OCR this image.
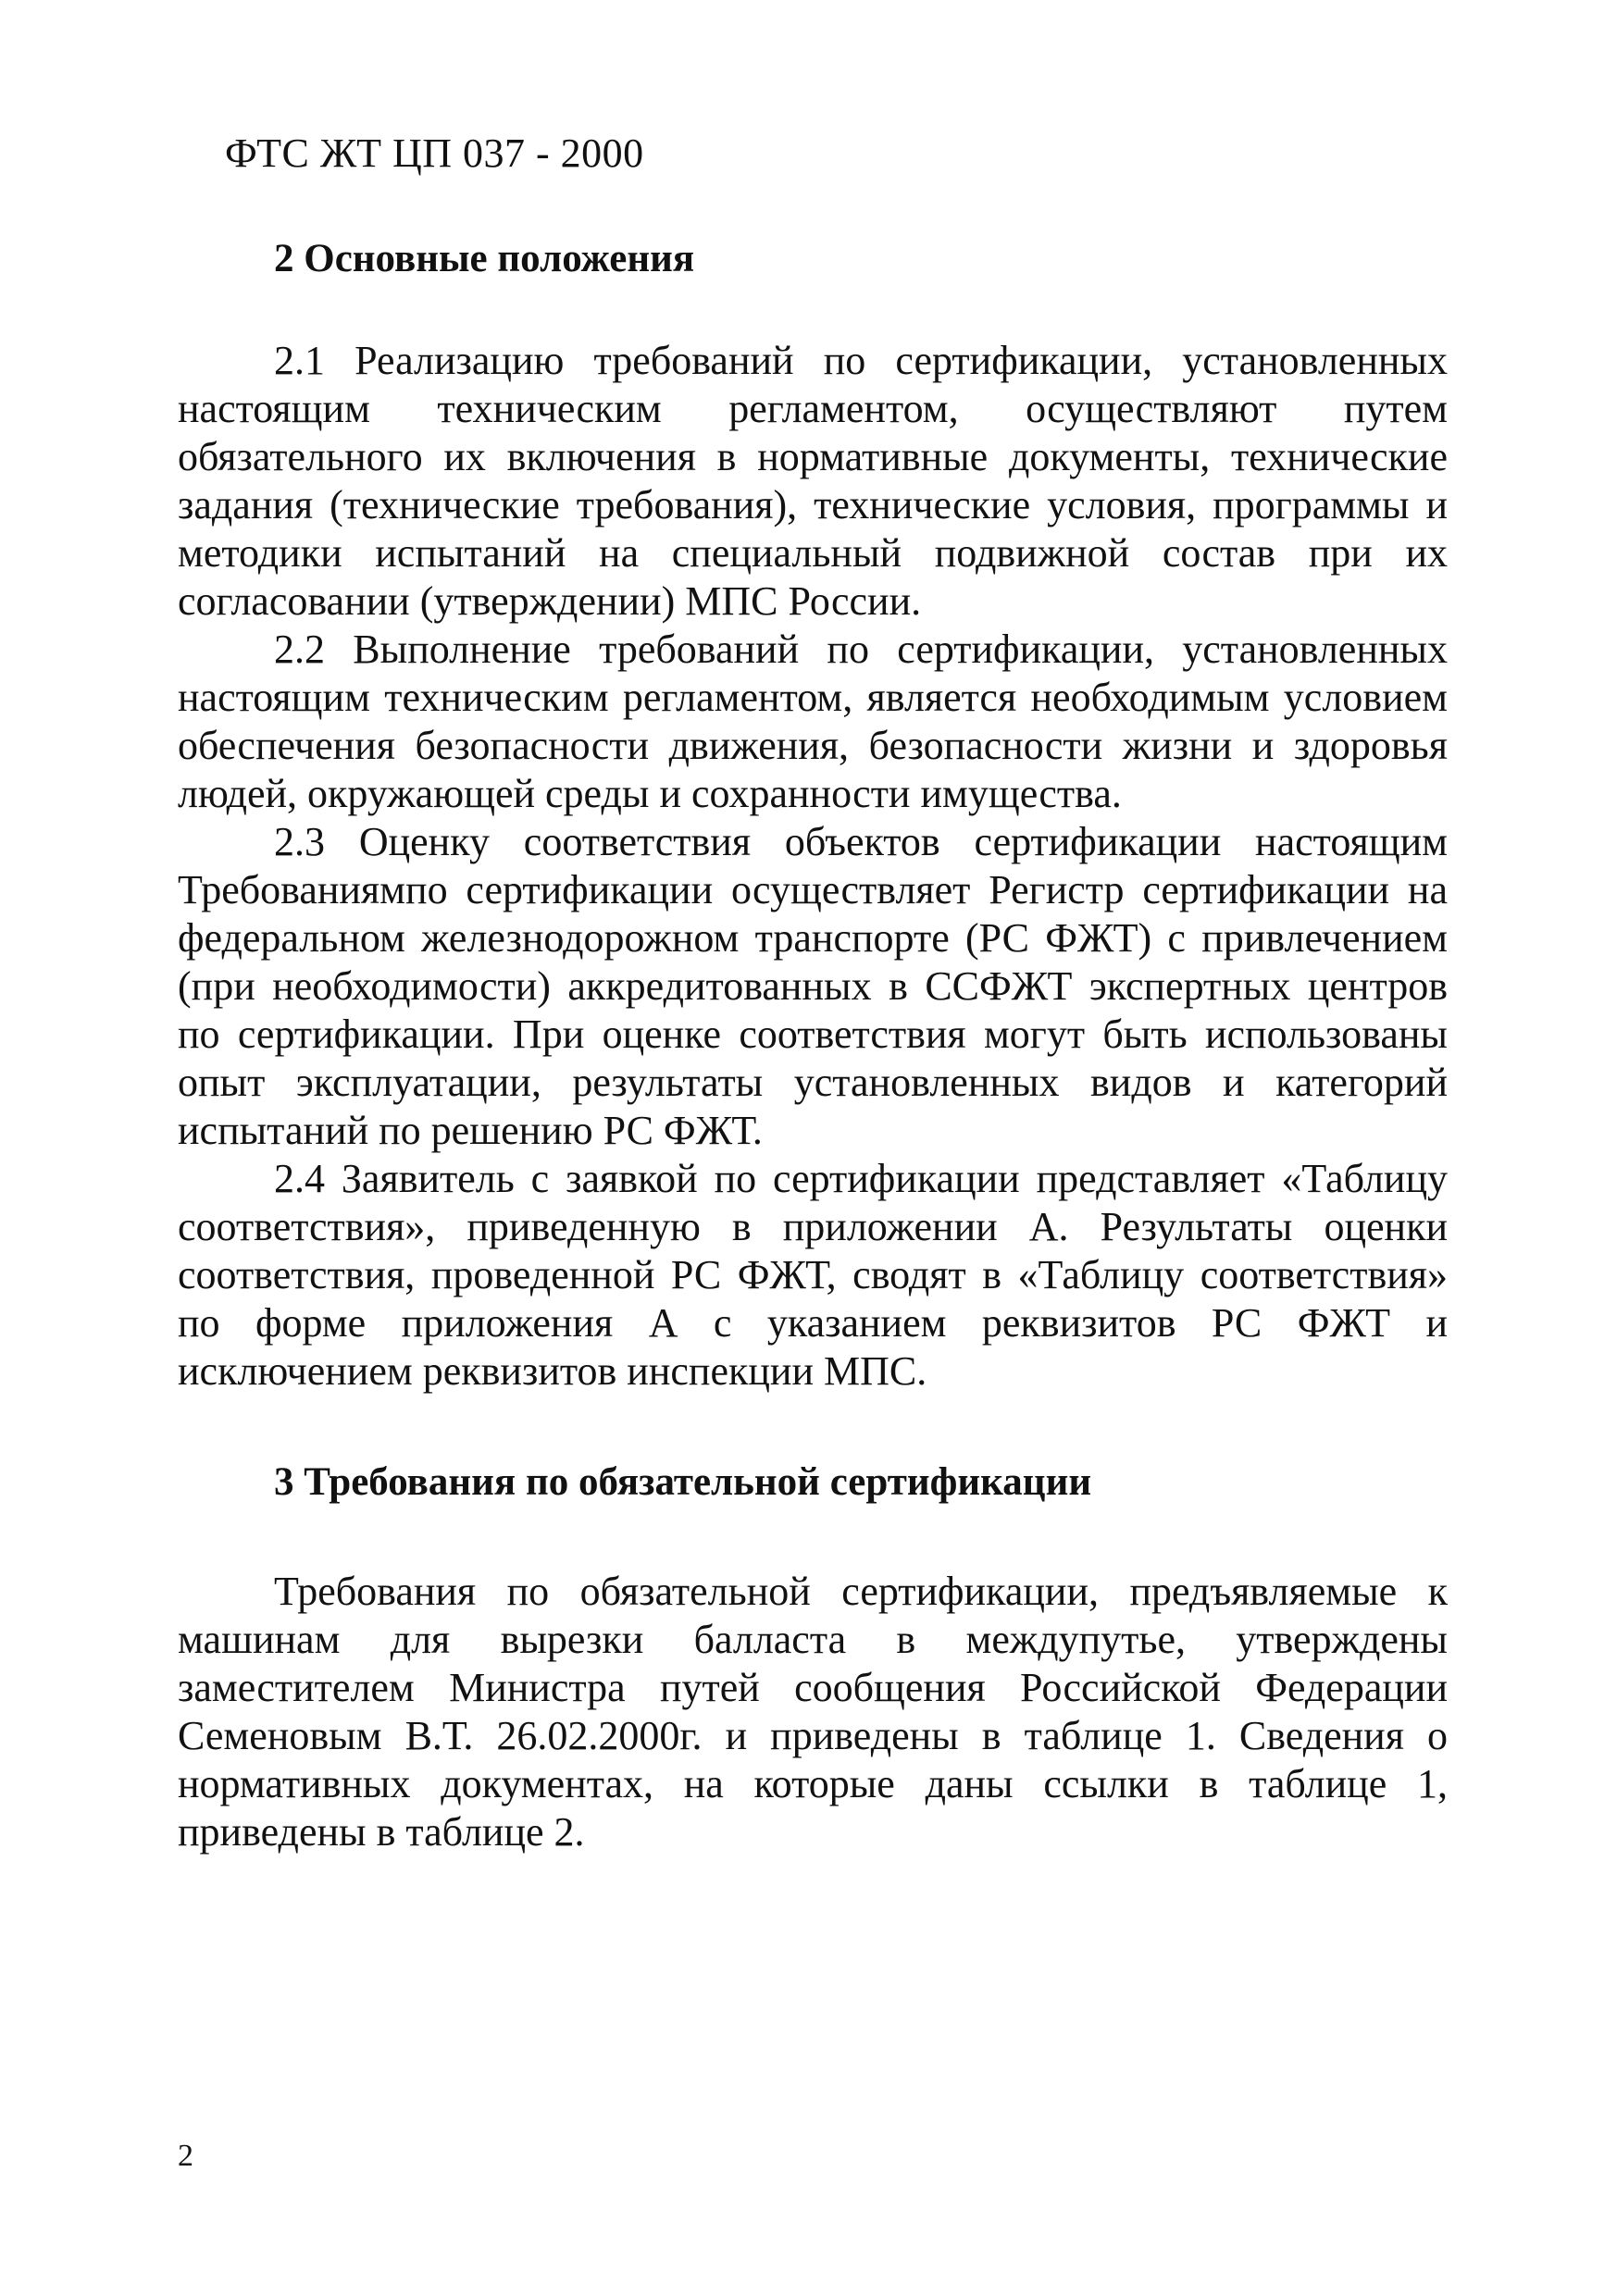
ФТС ЖТ ЦП 037 - 2000
2 Основные положения

2.1 Реализацию требований по сертификации, установленных настоящим техническим регламентом, осуществляют путем обязательного их включения в нормативные документы, технические задания (технические требования), технические условия, программы и методики испытаний на специальный подвижной состав при их согласовании (утверждении) МПС России.

2.2 Выполнение требований по сертификации, установленных настоящим техническим регламентом, является необходимым условием обеспечения безопасности движения, безопасности жизни и здоровья людей, окружающей среды и сохранности имущества.

2.3 Оценку соответствия объектов сертификации настоящим Требованиямпо сертификации осуществляет Регистр сертификации на федеральном железнодорожном транспорте (РС ФЖТ) с привлечением (при необходимости) аккредитованных в ССФЖТ экспертных центров по сертификации. При оценке соответствия могут быть использованы опыт эксплуатации, результаты установленных видов и категорий испытаний по решению РС ФЖТ.

2.4 Заявитель с заявкой по сертификации представляет «Таблицу соответствия», приведенную в приложении А. Результаты оценки соответствия, проведенной РС ФЖТ, сводят в «Таблицу соответствия» по форме приложения А с указанием реквизитов РС ФЖТ и исключением реквизитов инспекции МПС.

3 Требования по обязательной сертификации

Требования по обязательной сертификации, предъявляемые к машинам для вырезки балласта в междупутье, утверждены заместителем Министра путей сообщения Российской Федерации Семеновым В.Т. 26.02.2000г. и приведены в таблице 1. Сведения о нормативных документах, на которые даны ссылки в таблице 1, приведены в таблице 2.

2
